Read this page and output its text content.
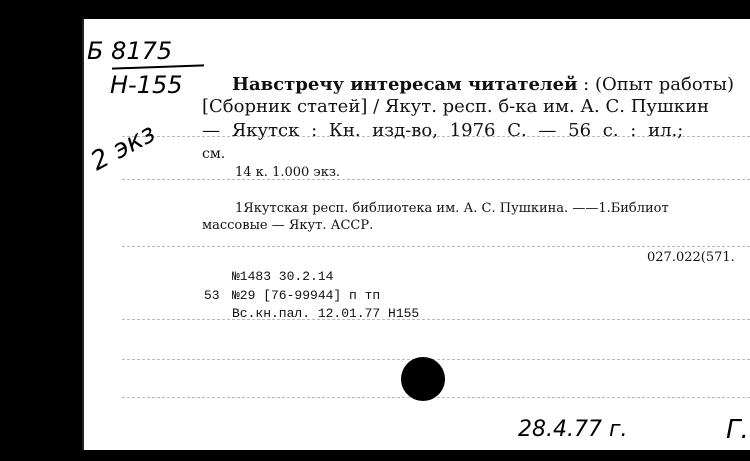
Б 8175
Н-155
2 экз
Навстречу интересам читателей : (Опыт работы)
[Сборник статей] / Якут. респ. б-ка им. А. С. Пушкин
— Якутск : Кн. изд-во, 1976 С. — 56 с. : ил.;
см.
14 к. 1.000 экз.
1Якутская респ. библиотека им. А. С. Пушкина. ——1.Библиот
массовые — Якут. АССР.
027.022(571.
№1483 30.2.14
53 №29 [76-99944] п тп
Вс.кн.пал. 12.01.77 Н155
28.4.77 г.	Г.
